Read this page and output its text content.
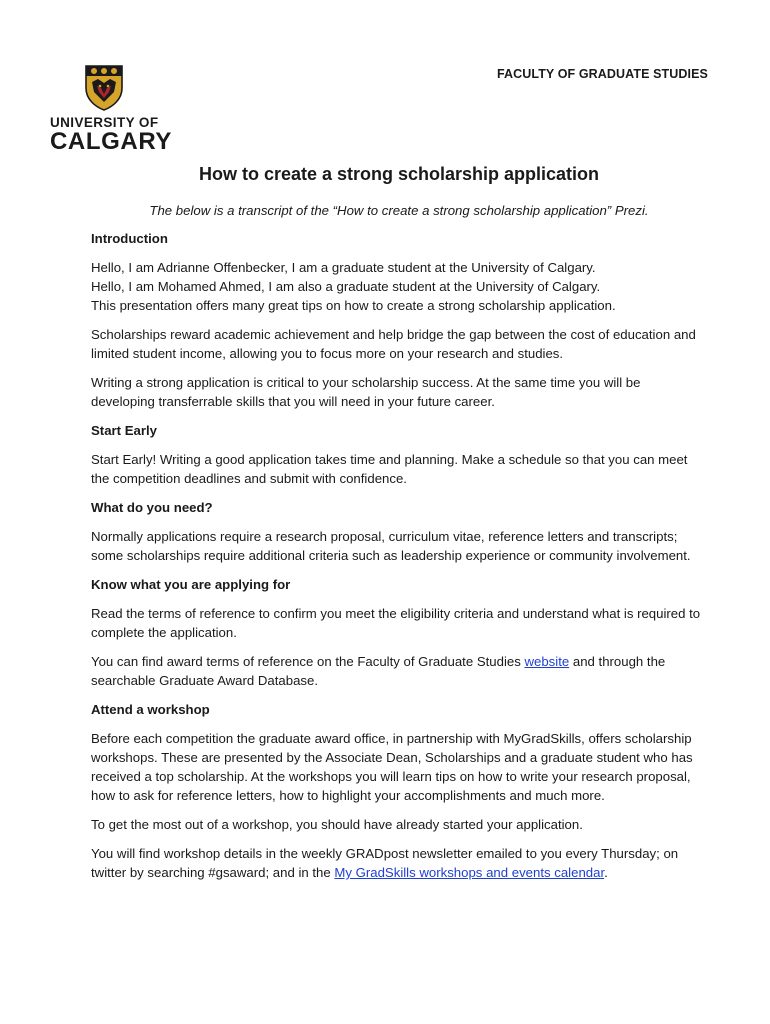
UNIVERSITY OF
CALGARY
FACULTY OF GRADUATE STUDIES
How to create a strong scholarship application

The below is a transcript of the “How to create a strong scholarship application” Prezi.

Introduction

Hello, I am Adrianne Offenbecker, I am a graduate student at the University of Calgary.
Hello, I am Mohamed Ahmed, I am also a graduate student at the University of Calgary.
This presentation offers many great tips on how to create a strong scholarship application.

Scholarships reward academic achievement and help bridge the gap between the cost of education and limited student income, allowing you to focus more on your research and studies.

Writing a strong application is critical to your scholarship success. At the same time you will be developing transferrable skills that you will need in your future career.

Start Early

Start Early! Writing a good application takes time and planning. Make a schedule so that you can meet the competition deadlines and submit with confidence.

What do you need?

Normally applications require a research proposal, curriculum vitae, reference letters and transcripts; some scholarships require additional criteria such as leadership experience or community involvement.

Know what you are applying for

Read the terms of reference to confirm you meet the eligibility criteria and understand what is required to complete the application.

You can find award terms of reference on the Faculty of Graduate Studies website and through the searchable Graduate Award Database.

Attend a workshop

Before each competition the graduate award office, in partnership with MyGradSkills, offers scholarship workshops. These are presented by the Associate Dean, Scholarships and a graduate student who has received a top scholarship. At the workshops you will learn tips on how to write your research proposal, how to ask for reference letters, how to highlight your accomplishments and much more.

To get the most out of a workshop, you should have already started your application.

You will find workshop details in the weekly GRADpost newsletter emailed to you every Thursday; on twitter by searching #gsaward; and in the My GradSkills workshops and events calendar.
